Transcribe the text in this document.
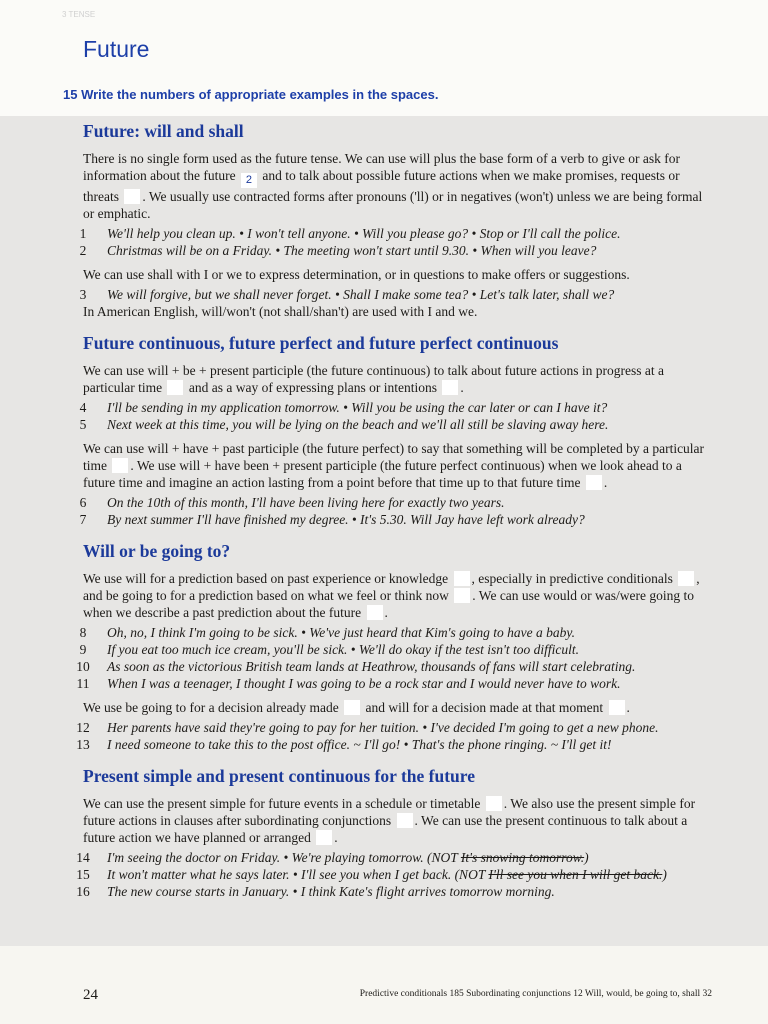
3 TENSE
Future
15 Write the numbers of appropriate examples in the spaces.
Future: will and shall
There is no single form used as the future tense. We can use will plus the base form of a verb to give or ask for information about the future 2 and to talk about possible future actions when we make promises, requests or threats . We usually use contracted forms after pronouns ('ll) or in negatives (won't) unless we are being formal or emphatic.
1 We'll help you clean up. • I won't tell anyone. • Will you please go? • Stop or I'll call the police.
2 Christmas will be on a Friday. • The meeting won't start until 9.30. • When will you leave?
We can use shall with I or we to express determination, or in questions to make offers or suggestions.
3 We will forgive, but we shall never forget. • Shall I make some tea? • Let's talk later, shall we?
In American English, will/won't (not shall/shan't) are used with I and we.
Future continuous, future perfect and future perfect continuous
We can use will + be + present participle (the future continuous) to talk about future actions in progress at a particular time and as a way of expressing plans or intentions .
4 I'll be sending in my application tomorrow. • Will you be using the car later or can I have it?
5 Next week at this time, you will be lying on the beach and we'll all still be slaving away here.
We can use will + have + past participle (the future perfect) to say that something will be completed by a particular time . We use will + have been + present participle (the future perfect continuous) when we look ahead to a future time and imagine an action lasting from a point before that time up to that future time .
6 On the 10th of this month, I'll have been living here for exactly two years.
7 By next summer I'll have finished my degree. • It's 5.30. Will Jay have left work already?
Will or be going to?
We use will for a prediction based on past experience or knowledge , especially in predictive conditionals , and be going to for a prediction based on what we feel or think now . We can use would or was/were going to when we describe a past prediction about the future .
8 Oh, no, I think I'm going to be sick. • We've just heard that Kim's going to have a baby.
9 If you eat too much ice cream, you'll be sick. • We'll do okay if the test isn't too difficult.
10 As soon as the victorious British team lands at Heathrow, thousands of fans will start celebrating.
11 When I was a teenager, I thought I was going to be a rock star and I would never have to work.
We use be going to for a decision already made and will for a decision made at that moment .
12 Her parents have said they're going to pay for her tuition. • I've decided I'm going to get a new phone.
13 I need someone to take this to the post office. ~ I'll go! • That's the phone ringing. ~ I'll get it!
Present simple and present continuous for the future
We can use the present simple for future events in a schedule or timetable . We also use the present simple for future actions in clauses after subordinating conjunctions . We can use the present continuous to talk about a future action we have planned or arranged .
14 I'm seeing the doctor on Friday. • We're playing tomorrow. (NOT It's snowing tomorrow.)
15 It won't matter what he says later. • I'll see you when I get back. (NOT I'll see you when I will get back.)
16 The new course starts in January. • I think Kate's flight arrives tomorrow morning.
24	Predictive conditionals 185 Subordinating conjunctions 12 Will, would, be going to, shall 32
